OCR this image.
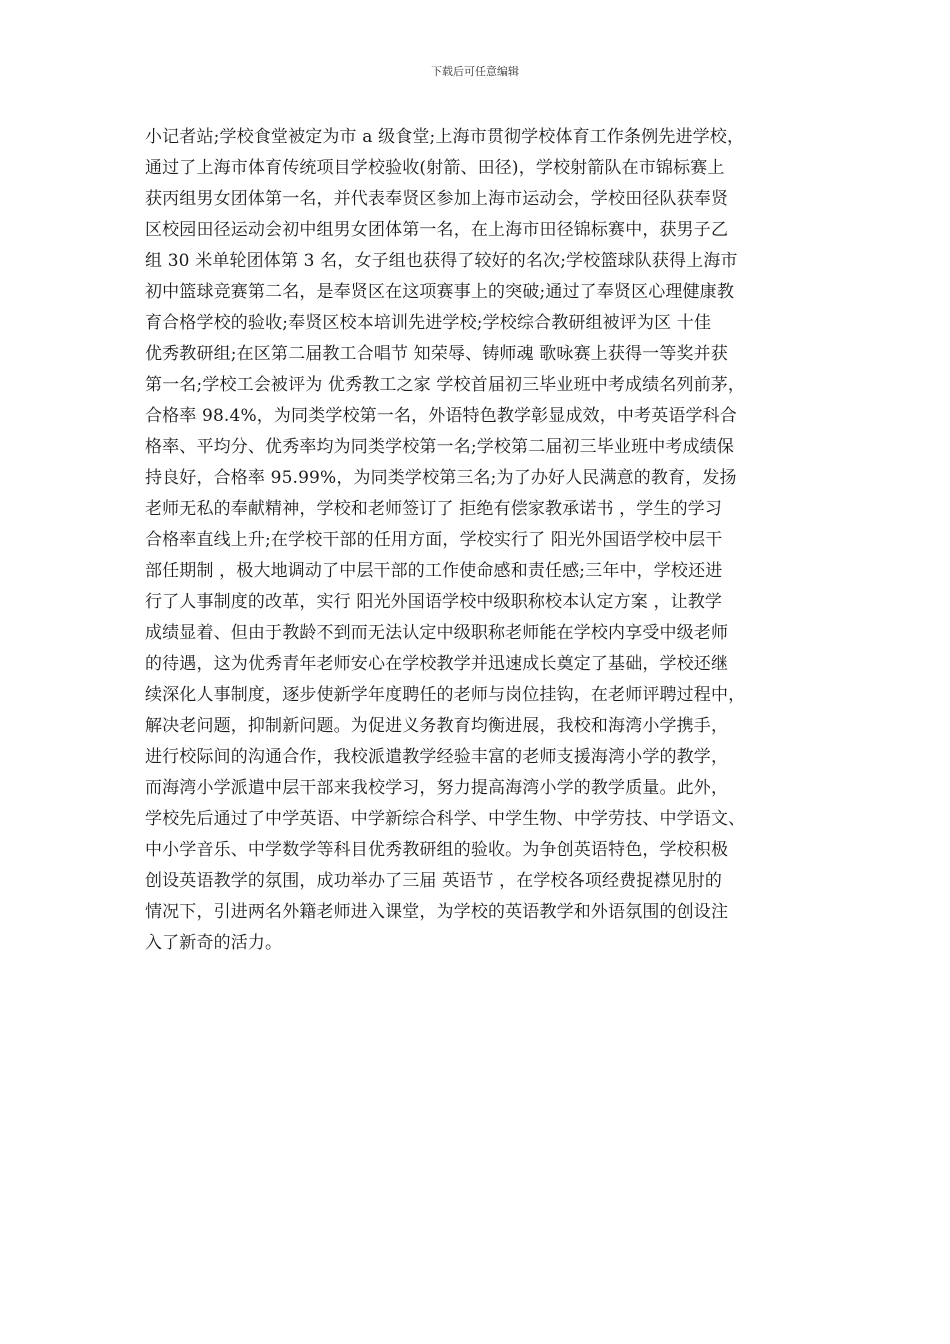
下载后可任意编辑
小记者站;学校食堂被定为市 a 级食堂;上海市贯彻学校体育工作条例先进学校，
通过了上海市体育传统项目学校验收(射箭、田径)，学校射箭队在市锦标赛上
获丙组男女团体第一名，并代表奉贤区参加上海市运动会，学校田径队获奉贤
区校园田径运动会初中组男女团体第一名，在上海市田径锦标赛中，获男子乙
组 30 米单轮团体第 3 名，女子组也获得了较好的名次;学校篮球队获得上海市
初中篮球竞赛第二名，是奉贤区在这项赛事上的突破;通过了奉贤区心理健康教
育合格学校的验收;奉贤区校本培训先进学校;学校综合教研组被评为区 十佳
优秀教研组;在区第二届教工合唱节 知荣辱、铸师魂 歌咏赛上获得一等奖并获
第一名;学校工会被评为 优秀教工之家 学校首届初三毕业班中考成绩名列前茅，
合格率 98.4%，为同类学校第一名，外语特色教学彰显成效，中考英语学科合
格率、平均分、优秀率均为同类学校第一名;学校第二届初三毕业班中考成绩保
持良好，合格率 95.99%，为同类学校第三名;为了办好人民满意的教育，发扬
老师无私的奉献精神，学校和老师签订了 拒绝有偿家教承诺书 ，学生的学习
合格率直线上升;在学校干部的任用方面，学校实行了 阳光外国语学校中层干
部任期制 ，极大地调动了中层干部的工作使命感和责任感;三年中，学校还进
行了人事制度的改革，实行 阳光外国语学校中级职称校本认定方案 ，让教学
成绩显着、但由于教龄不到而无法认定中级职称老师能在学校内享受中级老师
的待遇，这为优秀青年老师安心在学校教学并迅速成长奠定了基础，学校还继
续深化人事制度，逐步使新学年度聘任的老师与岗位挂钩，在老师评聘过程中，
解决老问题，抑制新问题。为促进义务教育均衡进展，我校和海湾小学携手，
进行校际间的沟通合作，我校派遣教学经验丰富的老师支援海湾小学的教学，
而海湾小学派遣中层干部来我校学习，努力提高海湾小学的教学质量。此外，
学校先后通过了中学英语、中学新综合科学、中学生物、中学劳技、中学语文、
中小学音乐、中学数学等科目优秀教研组的验收。为争创英语特色，学校积极
创设英语教学的氛围，成功举办了三届 英语节 ，在学校各项经费捉襟见肘的
情况下，引进两名外籍老师进入课堂，为学校的英语教学和外语氛围的创设注
入了新奇的活力。
